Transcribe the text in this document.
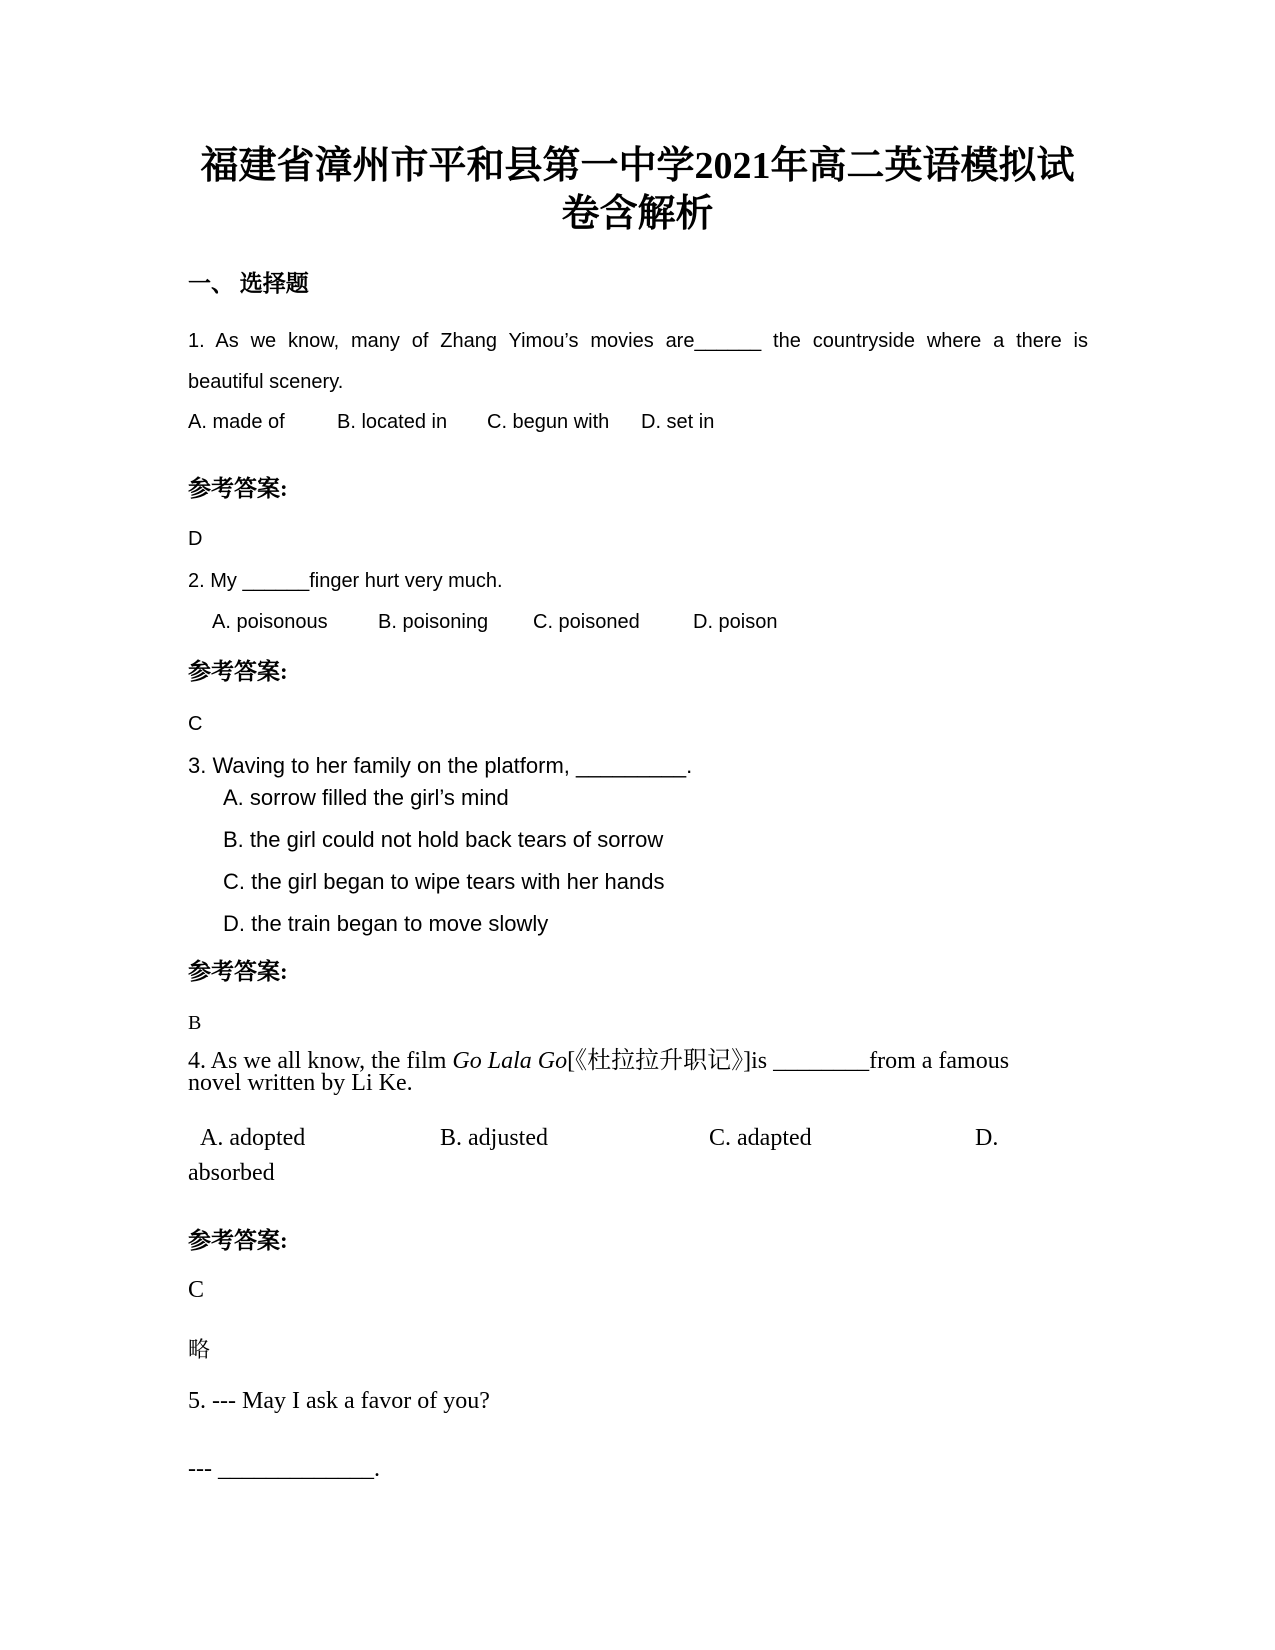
福建省漳州市平和县第一中学2021年高二英语模拟试
卷含解析
一、 选择题
1. As we know, many of Zhang Yimou’s movies are______ the countryside where a there is
beautiful scenery.
A. made of	B. located in C. begun with D. set in
参考答案:
D
2. My ______finger hurt very much.
A. poisonous	B. poisoning C. poisoned	D. poison
参考答案:
C
3. Waving to her family on the platform, _________.
A. sorrow filled the girl’s mind
B. the girl could not hold back tears of sorrow
C. the girl began to wipe tears with her hands
D. the train began to move slowly
参考答案:
B
4. As we all know, the film Go Lala Go[《杜拉拉升职记》]is ________from a famous
novel written by Li Ke.
A. adopted	B. adjusted	C. adapted	D.
absorbed
参考答案:
C
略
5. --- May I ask a favor of you?
--- _____________.
